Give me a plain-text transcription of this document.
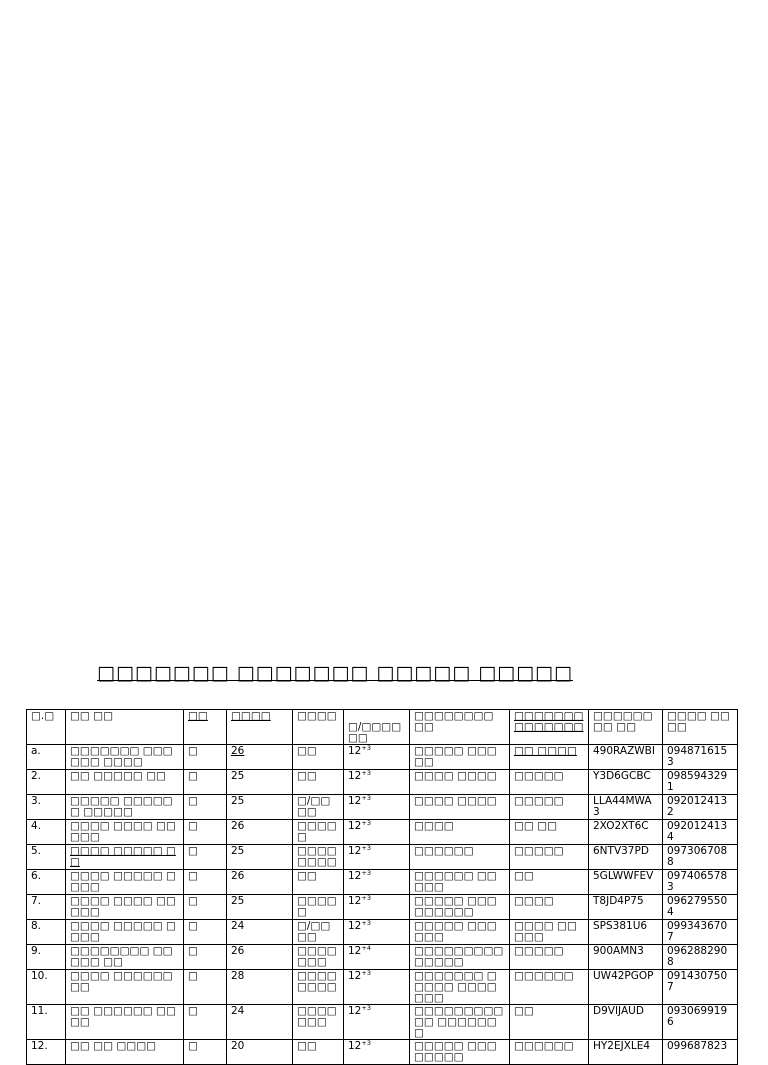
□□□□□□□ □□□□□□□ □□□□□ □□□□□
□.□	□□ □□	□□	□□□□	□□□□	□/□□□□□□	□□□□□□□□ □□	□□□□□□□ □□□□□□□	□□□□□□□□ □□	□□□□ □□□□
a.	□□□□□□□ □□□□□□ □□□□	□	26	□□	$12^{+3}$	□□□□□ □□□□□	□□ □□□□	490RAZWBI	0948716153
2.	□□ □□□□□ □□	□	25	□□	$12^{+3}$	□□□□ □□□□	□□□□□	Y3D6GCBC	0985943291
3.	□□□□□ □□□□□□ □□□□□	□	25	□/□□□□	$12^{+3}$	□□□□ □□□□	□□□□□	LLA44MWA3	0920124132
4.	□□□□ □□□□ □□□□□	□	26	□□□□□	$12^{+3}$	□□□□	□□ □□	2XO2XT6C	0920124134
5.	□□□□ □□□□□ □□	□	25	□□□□□□□□	$12^{+3}$	□□□□□□	□□□□□	6NTV37PD	0973067088
6.	□□□□ □□□□□ □□□□	□	26	□□	$12^{+3}$	□□□□□□ □□□□□	□□	5GLWWFEV	0974065783
7.	□□□□ □□□□ □□□□□	□	25	□□□□□	$12^{+3}$	□□□□□ □□□□□□□□□	□□□□	T8JD4P75	0962795504
8.	□□□□ □□□□□ □□□□	□	24	□/□□□□	$12^{+3}$	□□□□□ □□□□□□	□□□□ □□□□□	SPS381U6	0993436707
9.	□□□□□□□□ □□□□□ □□	□	26	□□□□□□□	$12^{+4}$	□□□□□□□□□ □□□□□	□□□□□	900AMN3	0962882908
10.	□□□□ □□□□□□ □□	□	28	□□□□□□□□	$12^{+3}$	□□□□□□□ □□□□□ □□□□□□□	□□□□□□	UW42PGOP	0914307507
11.	□□ □□□□□□ □□□□	□	24	□□□□□□□	$12^{+3}$	□□□□□□□□□□□ □□□□□□□	□□	D9VIJAUD	0930699196
12.	□□ □□ □□□□	□	20	□□	$12^{+3}$	□□□□□ □□□□□□□□	□□□□□□	HY2EJXLE4	099687823
